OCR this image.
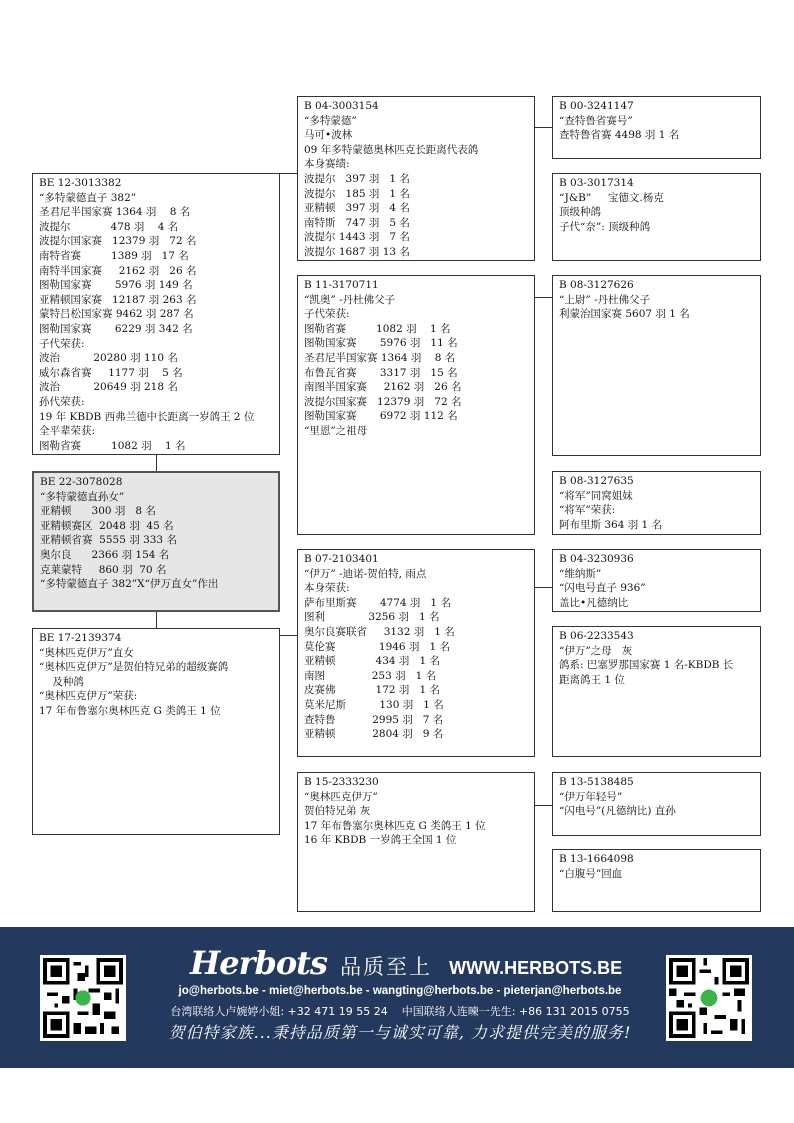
BE 12-3013382
“多特蒙德直子 382”
圣君尼半国家赛 1364 羽    8 名
波提尔            478 羽    4 名
波提尔国家赛   12379 羽   72 名
南特省赛         1389 羽   17 名
南特半国家赛     2162 羽   26 名
图勒国家赛       5976 羽 149 名
亚精顿国家赛   12187 羽 263 名
蒙特吕松国家赛 9462 羽 287 名
图勒国家赛       6229 羽 342 名
子代荣获:
波治          20280 羽 110 名
威尔森省赛     1177 羽    5 名
波治          20649 羽 218 名
孙代荣获:
19 年 KBDB 西弗兰德中长距离一岁鸽王 2 位
全平辈荣获:
图勒省赛         1082 羽    1 名
BE 22-3078028
“多特蒙德直孙女”
亚精顿      300 羽   8 名
亚精顿赛区  2048 羽  45 名
亚精顿省赛  5555 羽 333 名
奥尔良      2366 羽 154 名
克莱蒙特     860 羽  70 名
“多特蒙德直子 382”X“伊万直女”作出
BE 17-2139374
“奥林匹克伊万”直女
“奥林匹克伊万”是贺伯特兄弟的超级赛鸽
及种鸽
“奥林匹克伊万”荣获:
17 年布鲁塞尔奥林匹克 G 类鸽王 1 位
B 04-3003154
“多特蒙德”
马可•波林
09 年多特蒙德奥林匹克长距离代表鸽
本身赛绩:
波提尔   397 羽   1 名
波提尔   185 羽   1 名
亚精顿   397 羽   4 名
南特斯   747 羽   5 名
波提尔 1443 羽   7 名
波提尔 1687 羽 13 名
B 11-3170711
“凯奥” -丹杜佛父子
子代荣获:
图勒省赛         1082 羽    1 名
图勒国家赛       5976 羽   11 名
圣君尼半国家赛 1364 羽    8 名
布鲁瓦省赛       3317 羽   15 名
南图半国家赛     2162 羽   26 名
波提尔国家赛   12379 羽   72 名
图勒国家赛       6972 羽 112 名
“里恩”之祖母
B 07-2103401
“伊万” -迪诺-贺伯特, 雨点
本身荣获:
萨布里斯赛       4774 羽   1 名
图利             3256 羽   1 名
奥尔良赛联省     3132 羽   1 名
莫伦赛             1946 羽   1 名
亚精顿            434 羽   1 名
南图              253 羽   1 名
皮赛佛            172 羽   1 名
莫米尼斯          130 羽   1 名
查特鲁           2995 羽   7 名
亚精顿           2804 羽   9 名
B 15-2333230
“奥林匹克伊万”
贺伯特兄弟 灰
17 年布鲁塞尔奥林匹克 G 类鸽王 1 位
16 年 KBDB 一岁鸽王全国 1 位
B 00-3241147
“查特鲁省赛号”
查特鲁省赛 4498 羽 1 名
B 03-3017314
“J&B”     宝德文.杨克
顶级种鸽
子代“奈”: 顶级种鸽
B 08-3127626
“上尉” -丹杜佛父子
利蒙治国家赛 5607 羽 1 名
B 08-3127635
“将军”同窝姐妹
“将军”荣获:
阿布里斯 364 羽 1 名
B 04-3230936
“维纳斯”
“闪电号直子 936”
盖比•凡德纳比
B 06-2233543
“伊万”之母   灰
鸽系: 巴塞罗那国家赛 1 名-KBDB 长
距离鸽王 1 位
B 13-5138485
“伊万年轻号”
“闪电号”(凡德纳比) 直孙
B 13-1664098
“白腹号”回血
Herbots 品质至上 WWW.HERBOTS.BE
jo@herbots.be - miet@herbots.be - wangting@herbots.be - pieterjan@herbots.be
台湾联络人卢婉婷小姐: +32 471 19 55 24 中国联络人连暕一先生: +86 131 2015 0755
贺伯特家族...秉持品质第一与诚实可靠, 力求提供完美的服务!
